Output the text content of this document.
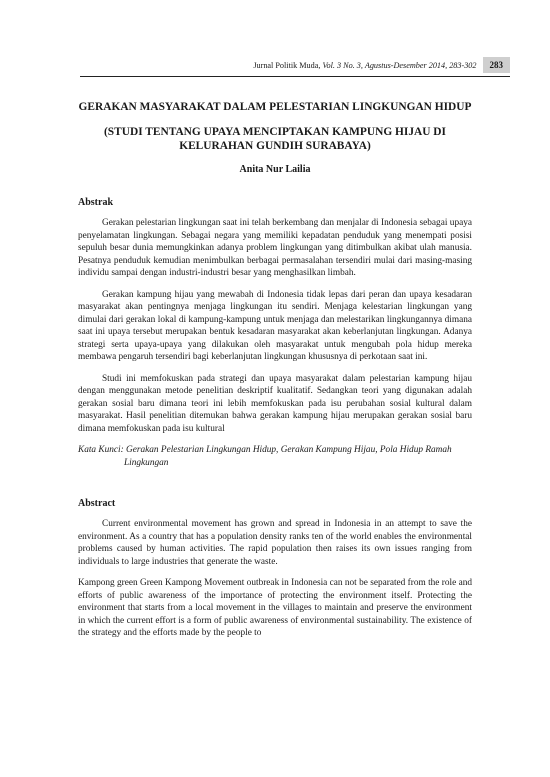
Jurnal Politik Muda, Vol. 3 No. 3, Agustus-Desember 2014, 283-302	283
GERAKAN MASYARAKAT DALAM PELESTARIAN LINGKUNGAN HIDUP
(STUDI TENTANG UPAYA MENCIPTAKAN KAMPUNG HIJAU DI KELURAHAN GUNDIH SURABAYA)
Anita Nur Lailia
Abstrak

Gerakan pelestarian lingkungan saat ini telah berkembang dan menjalar di Indonesia sebagai upaya penyelamatan lingkungan. Sebagai negara yang memiliki kepadatan penduduk yang menempati posisi sepuluh besar dunia memungkinkan adanya problem lingkungan yang ditimbulkan akibat ulah manusia. Pesatnya penduduk kemudian menimbulkan berbagai permasalahan tersendiri mulai dari masing-masing individu sampai dengan industri-industri besar yang menghasilkan limbah.

Gerakan kampung hijau yang mewabah di Indonesia tidak lepas dari peran dan upaya kesadaran masyarakat akan pentingnya menjaga lingkungan itu sendiri. Menjaga kelestarian lingkungan yang dimulai dari gerakan lokal di kampung-kampung untuk menjaga dan melestarikan lingkungannya dimana saat ini upaya tersebut merupakan bentuk kesadaran masyarakat akan keberlanjutan lingkungan. Adanya strategi serta upaya-upaya yang dilakukan oleh masyarakat untuk mengubah pola hidup mereka membawa pengaruh tersendiri bagi keberlanjutan lingkungan khususnya di perkotaan saat ini.

Studi ini memfokuskan pada strategi dan upaya masyarakat dalam pelestarian kampung hijau dengan menggunakan metode penelitian deskriptif kualitatif. Sedangkan teori yang digunakan adalah gerakan sosial baru dimana teori ini lebih memfokuskan pada isu perubahan sosial kultural dalam masyarakat. Hasil penelitian ditemukan bahwa gerakan kampung hijau merupakan gerakan sosial baru dimana memfokuskan pada isu kultural

Kata Kunci: Gerakan Pelestarian Lingkungan Hidup, Gerakan Kampung Hijau, Pola Hidup Ramah Lingkungan
Abstract

Current environmental movement has grown and spread in Indonesia in an attempt to save the environment. As a country that has a population density ranks ten of the world enables the environmental problems caused by human activities. The rapid population then raises its own issues ranging from individuals to large industries that generate the waste.

Kampong green Green Kampong Movement outbreak in Indonesia can not be separated from the role and efforts of public awareness of the importance of protecting the environment itself. Protecting the environment that starts from a local movement in the villages to maintain and preserve the environment in which the current effort is a form of public awareness of environmental sustainability. The existence of the strategy and the efforts made by the people to
